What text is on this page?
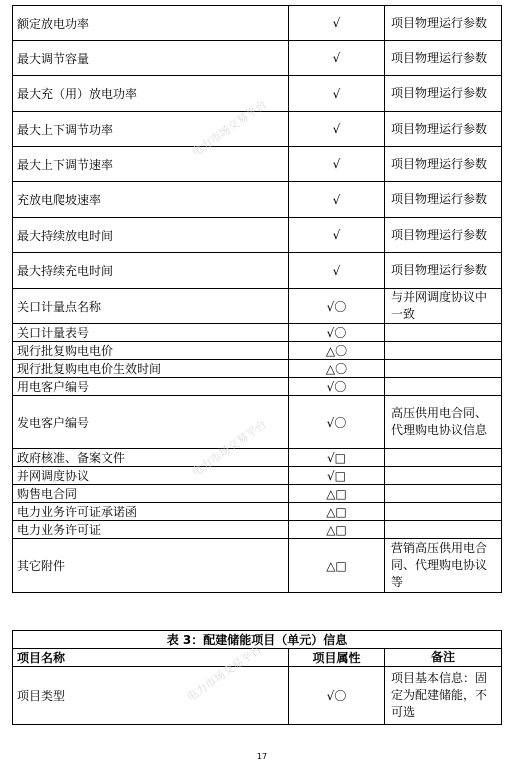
额定放电功率	√	项目物理运行参数
最大调节容量	√	项目物理运行参数
最大充（用）放电功率	√	项目物理运行参数
最大上下调节功率	√	项目物理运行参数
最大上下调节速率	√	项目物理运行参数
充放电爬坡速率	√	项目物理运行参数
最大持续放电时间	√	项目物理运行参数
最大持续充电时间	√	项目物理运行参数
关口计量点名称	√〇	与并网调度协议中一致
关口计量表号	√〇	
现行批复购电电价	△〇	
现行批复购电电价生效时间	△〇	
用电客户编号	√〇	
发电客户编号	√〇	高压供用电合同、代理购电协议信息
政府核准、备案文件	√□	
并网调度协议	√□	
购售电合同	△□	
电力业务许可证承诺函	△□	
电力业务许可证	△□	
其它附件	△□	营销高压供用电合同、代理购电协议等
表 3：配建储能项目（单元）信息		
项目名称	项目属性	备注
项目类型	√〇	项目基本信息：固定为配建储能，不可选
17
电力市场交易平台
电力市场交易平台
电力市场交易平台
